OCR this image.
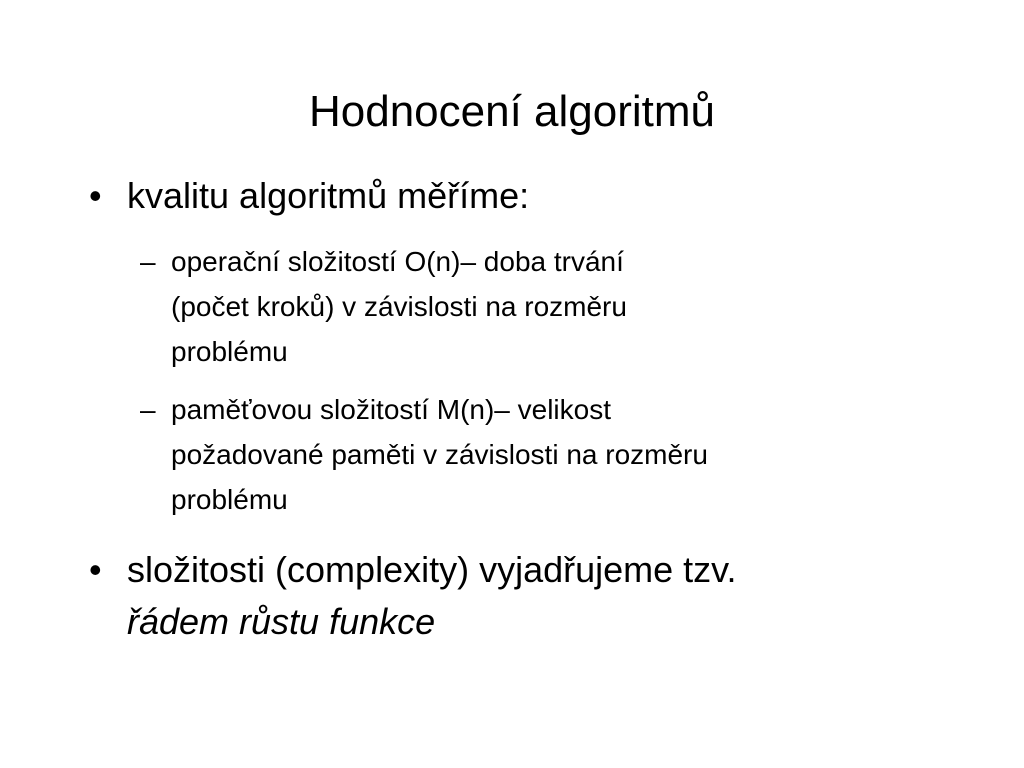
Hodnocení algoritmů
• kvalitu algoritmů měříme:
– operační složitostí O(n)– doba trvání
(počet kroků) v závislosti na rozměru
problému
– paměťovou složitostí M(n)– velikost
požadované paměti v závislosti na rozměru
problému
• složitosti (complexity) vyjadřujeme tzv.
řádem růstu funkce
